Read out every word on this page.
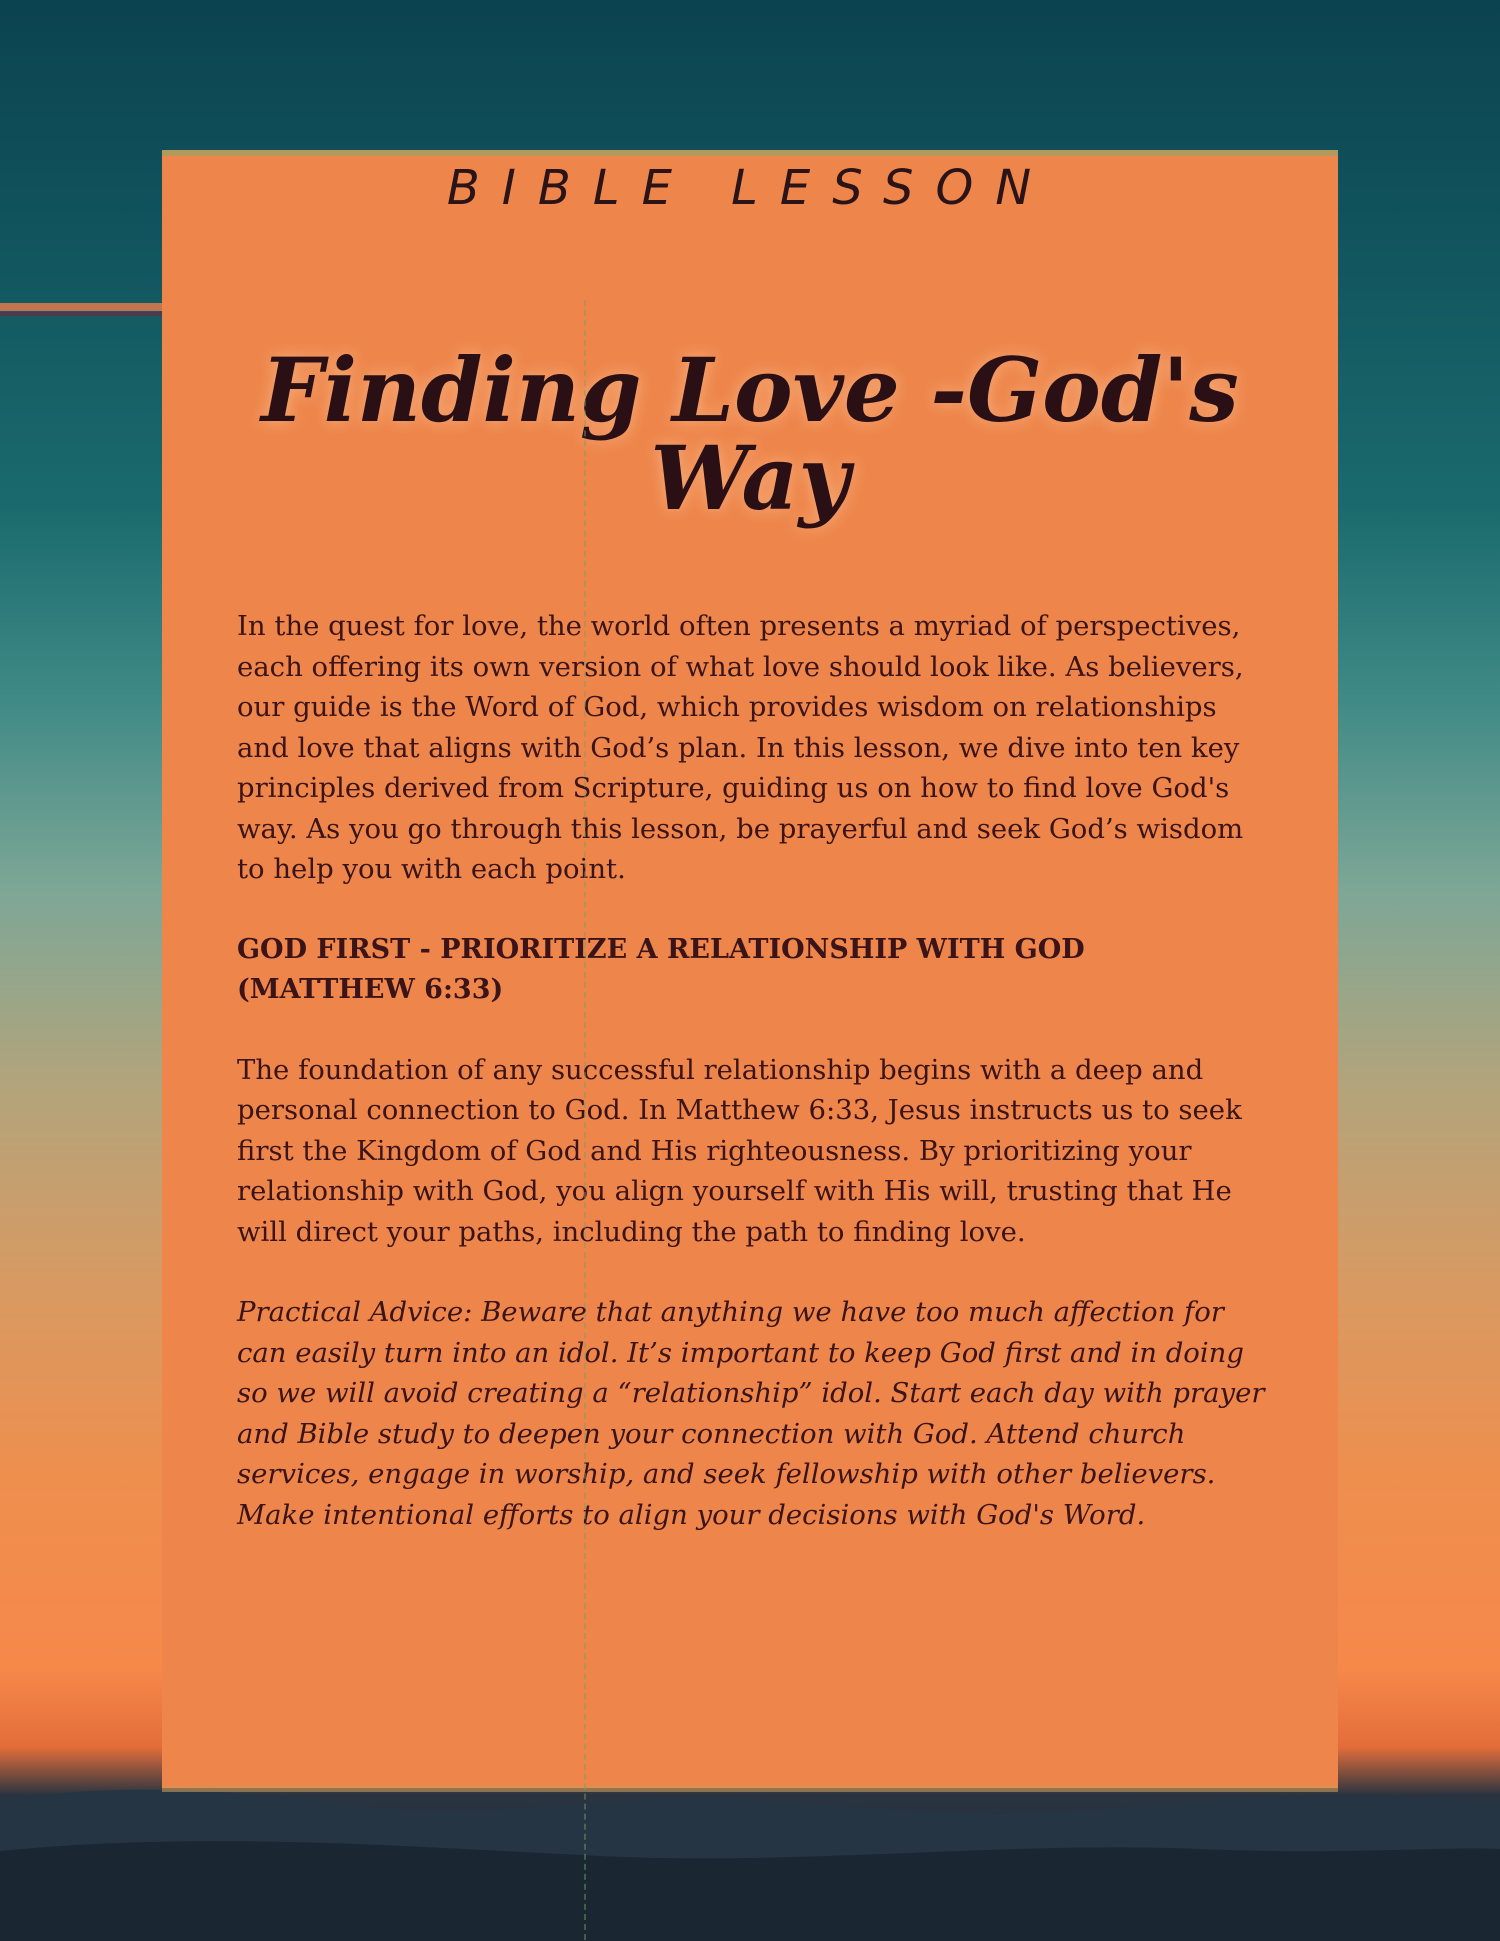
BIBLE LESSON
Finding Love -God's Way

In the quest for love, the world often presents a myriad of perspectives, each offering its own version of what love should look like. As believers, our guide is the Word of God, which provides wisdom on relationships and love that aligns with God’s plan. In this lesson, we dive into ten key principles derived from Scripture, guiding us on how to find love God's way. As you go through this lesson, be prayerful and seek God’s wisdom to help you with each point.

GOD FIRST - PRIORITIZE A RELATIONSHIP WITH GOD (MATTHEW 6:33)

The foundation of any successful relationship begins with a deep and personal connection to God. In Matthew 6:33, Jesus instructs us to seek first the Kingdom of God and His righteousness. By prioritizing your relationship with God, you align yourself with His will, trusting that He will direct your paths, including the path to finding love.

Practical Advice: Beware that anything we have too much affection for can easily turn into an idol. It’s important to keep God first and in doing so we will avoid creating a “relationship” idol. Start each day with prayer and Bible study to deepen your connection with God. Attend church services, engage in worship, and seek fellowship with other believers. Make intentional efforts to align your decisions with God's Word.
